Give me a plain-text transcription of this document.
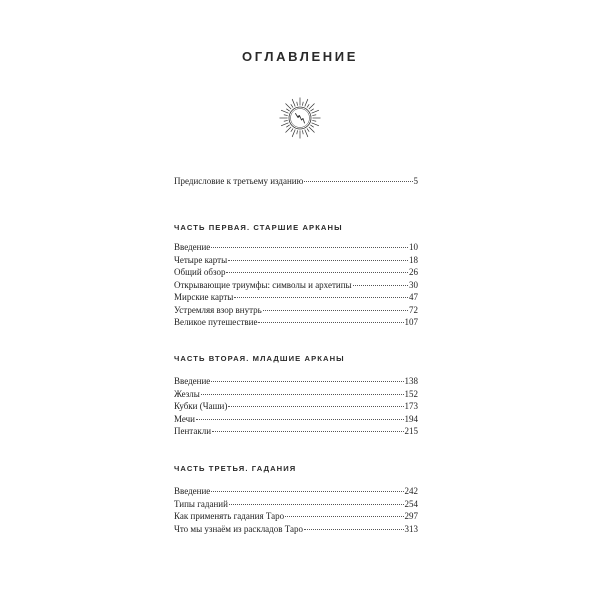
ОГЛАВЛЕНИЕ
Предисловие к третьему изданию	5
ЧАСТЬ ПЕРВАЯ. СТАРШИЕ АРКАНЫ
Введение	10
Четыре карты	18
Общий обзор	26
Открывающие триумфы: символы и архетипы	30
Мирские карты	47
Устремляя взор внутрь	72
Великое путешествие	107
ЧАСТЬ ВТОРАЯ. МЛАДШИЕ АРКАНЫ
Введение	138
Жезлы	152
Кубки (Чаши)	173
Мечи	194
Пентакли	215
ЧАСТЬ ТРЕТЬЯ. ГАДАНИЯ
Введение	242
Типы гаданий	254
Как применять гадания Таро	297
Что мы узнаём из раскладов Таро	313
